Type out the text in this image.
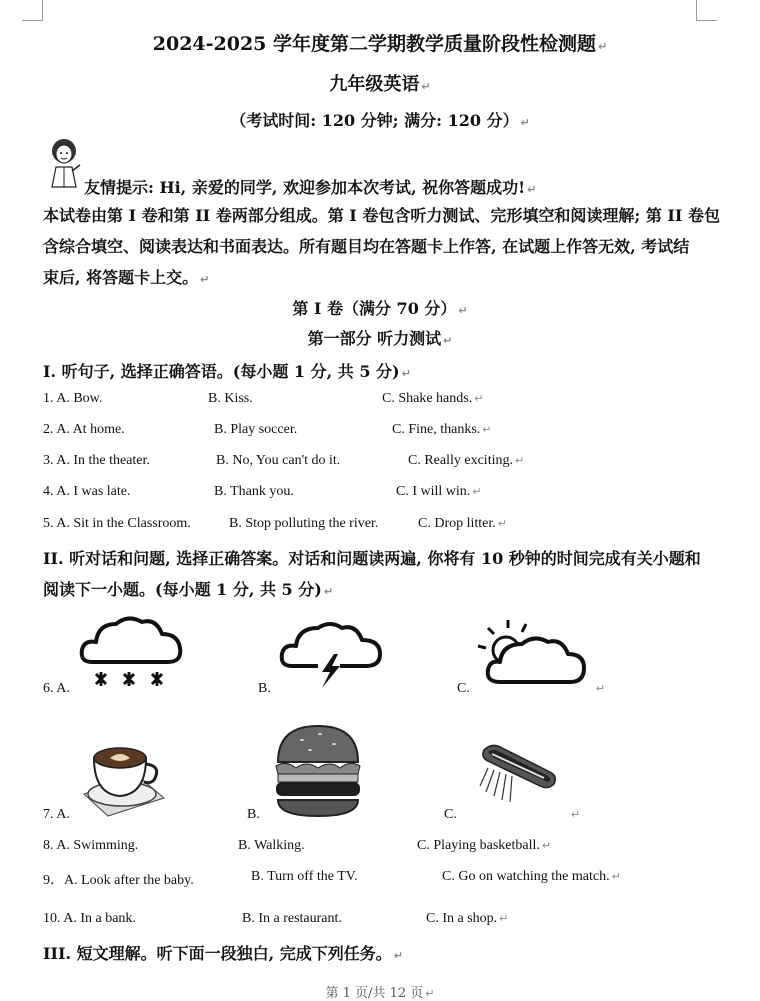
2024-2025 学年度第二学期教学质量阶段性检测题 ↵
九年级英语 ↵
（考试时间: 120 分钟; 满分: 120 分） ↵
友情提示: Hi, 亲爱的同学, 欢迎参加本次考试, 祝你答题成功! ↵
本试卷由第 I 卷和第 II 卷两部分组成。第 I 卷包含听力测试、完形填空和阅读理解; 第 II 卷包
含综合填空、阅读表达和书面表达。所有题目均在答题卡上作答, 在试题上作答无效, 考试结
束后, 将答题卡上交。 ↵
第 Ⅰ 卷（满分 70 分） ↵
第一部分 听力测试 ↵
I. 听句子, 选择正确答语。(每小题 1 分, 共 5 分) ↵
1. A. Bow.	B. Kiss.	C. Shake hands. ↵
2. A. At home.	B. Play soccer.	C. Fine, thanks. ↵
3. A. In the theater.	B. No, You can't do it.	C. Really exciting. ↵
4. A. I was late.	B. Thank you.	C. I will win. ↵
5. A. Sit in the Classroom.	B. Stop polluting the river.	C. Drop litter. ↵
II. 听对话和问题, 选择正确答案。对话和问题读两遍, 你将有 10 秒钟的时间完成有关小题和
阅读下一小题。(每小题 1 分, 共 5 分) ↵
6. A.	B.	C.	↵
7. A.	B.	C.	↵
8. A. Swimming.	B. Walking.	C. Playing basketball. ↵
9．A. Look after the baby.	B. Turn off the TV.	C. Go on watching the match. ↵
10. A. In a bank.	B. In a restaurant.	C. In a shop. ↵
III. 短文理解。听下面一段独白, 完成下列任务。 ↵
第 1 页/共 12 页 ↵
